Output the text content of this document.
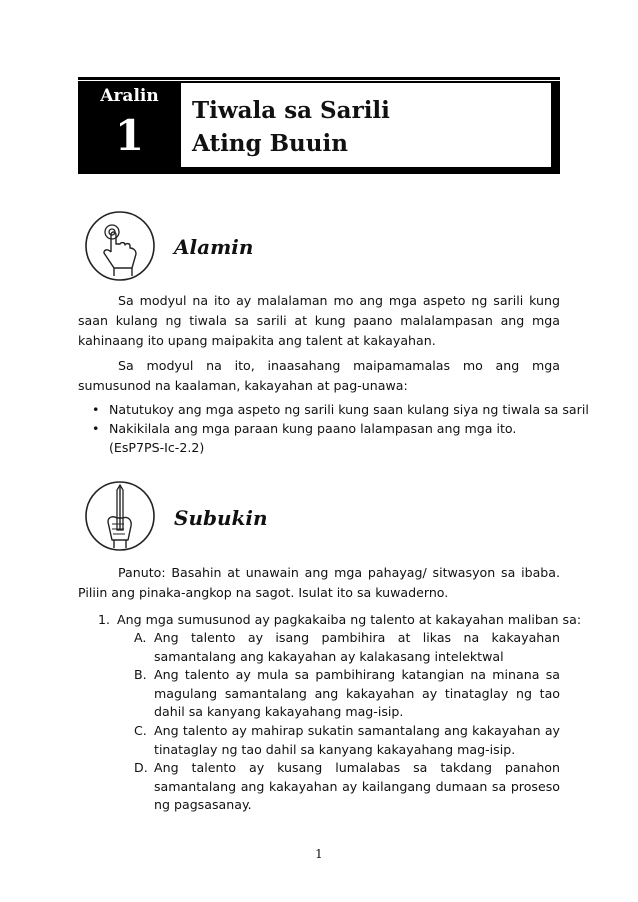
Aralin
1
Tiwala sa Sarili
Ating Buuin
Alamin

Sa modyul na ito ay malalaman mo ang mga aspeto ng sarili kung saan kulang ng tiwala sa sarili at kung paano malalampasan ang mga kahinaang ito upang maipakita ang talent at kakayahan.

Sa modyul na ito, inaasahang maipamamalas mo ang mga sumusunod na kaalaman, kakayahan at pag-unawa:

• Natutukoy ang mga aspeto ng sarili kung saan kulang siya ng tiwala sa saril
• Nakikilala ang mga paraan kung paano lalampasan ang mga ito.
(EsP7PS-Ic-2.2)
Subukin

Panuto: Basahin at unawain ang mga pahayag/ sitwasyon sa ibaba. Piliin ang pinaka-angkop na sagot. Isulat ito sa kuwaderno.

1. Ang mga sumusunod ay pagkakaiba ng talento at kakayahan maliban sa:
A. Ang talento ay isang pambihira at likas na kakayahan samantalang ang kakayahan ay kalakasang intelektwal
B. Ang talento ay mula sa pambihirang katangian na minana sa magulang samantalang ang kakayahan ay tinataglay ng tao dahil sa kanyang kakayahang mag-isip.
C. Ang talento ay mahirap sukatin samantalang ang kakayahan ay tinataglay ng tao dahil sa kanyang kakayahang mag-isip.
D. Ang talento ay kusang lumalabas sa takdang panahon samantalang ang kakayahan ay kailangang dumaan sa proseso ng pagsasanay.
1
